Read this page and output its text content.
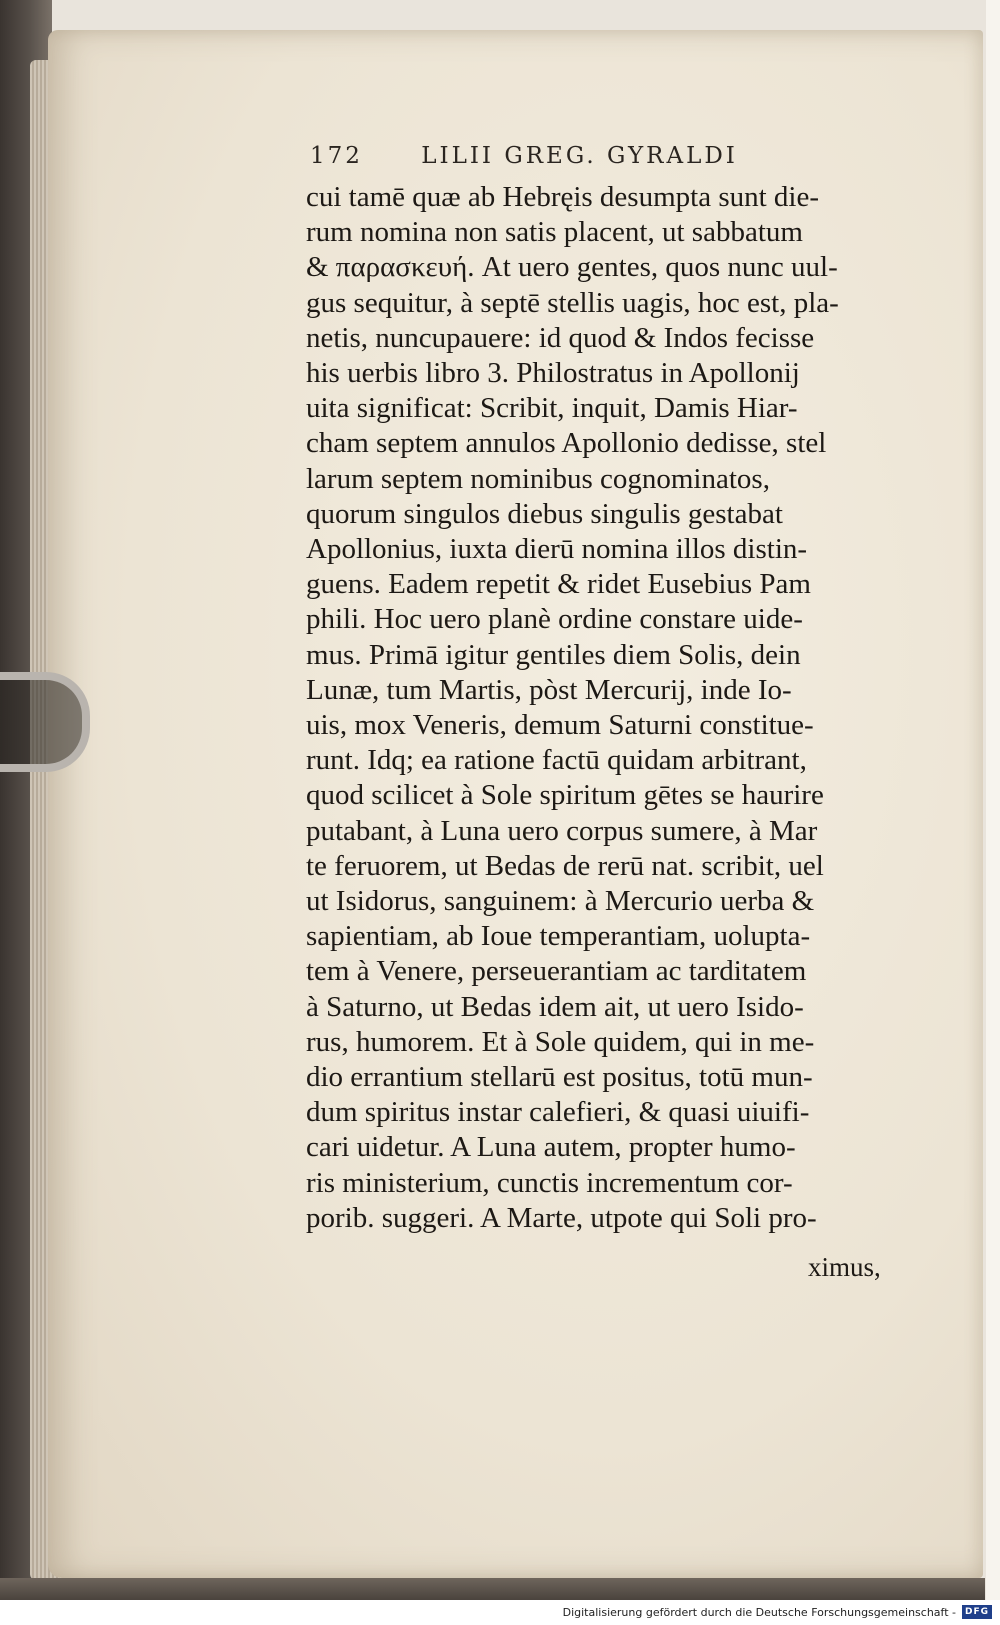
172	LILII GREG. GYRALDI
cui tamē quæ ab Hebręis desumpta sunt die-
rum nomina non satis placent, ut sabbatum
& παρασκευή. At uero gentes, quos nunc uul-
gus sequitur, à septē stellis uagis, hoc est, pla-
netis, nuncupauere: id quod & Indos fecisse
his uerbis libro 3. Philostratus in Apollonij
uita significat: Scribit, inquit, Damis Hiar-
cham septem annulos Apollonio dedisse, stel
larum septem nominibus cognominatos,
quorum singulos diebus singulis gestabat
Apollonius, iuxta dierū nomina illos distin-
guens. Eadem repetit & ridet Eusebius Pam
phili. Hoc uero planè ordine constare uide-
mus. Primā igitur gentiles diem Solis, dein
Lunæ, tum Martis, pòst Mercurij, inde Io-
uis, mox Veneris, demum Saturni constitue-
runt. Idq; ea ratione factū quidam arbitrant,
quod scilicet à Sole spiritum gētes se haurire
putabant, à Luna uero corpus sumere, à Mar
te feruorem, ut Bedas de rerū nat. scribit, uel
ut Isidorus, sanguinem: à Mercurio uerba &
sapientiam, ab Ioue temperantiam, uolupta-
tem à Venere, perseuerantiam ac tarditatem
à Saturno, ut Bedas idem ait, ut uero Isido-
rus, humorem. Et à Sole quidem, qui in me-
dio errantium stellarū est positus, totū mun-
dum spiritus instar calefieri, & quasi uiuifi-
cari uidetur. A Luna autem, propter humo-
ris ministerium, cunctis incrementum cor-
porib. suggeri. A Marte, utpote qui Soli pro-
ximus,
Digitalisierung gefördert durch die Deutsche Forschungsgemeinschaft - DFG
